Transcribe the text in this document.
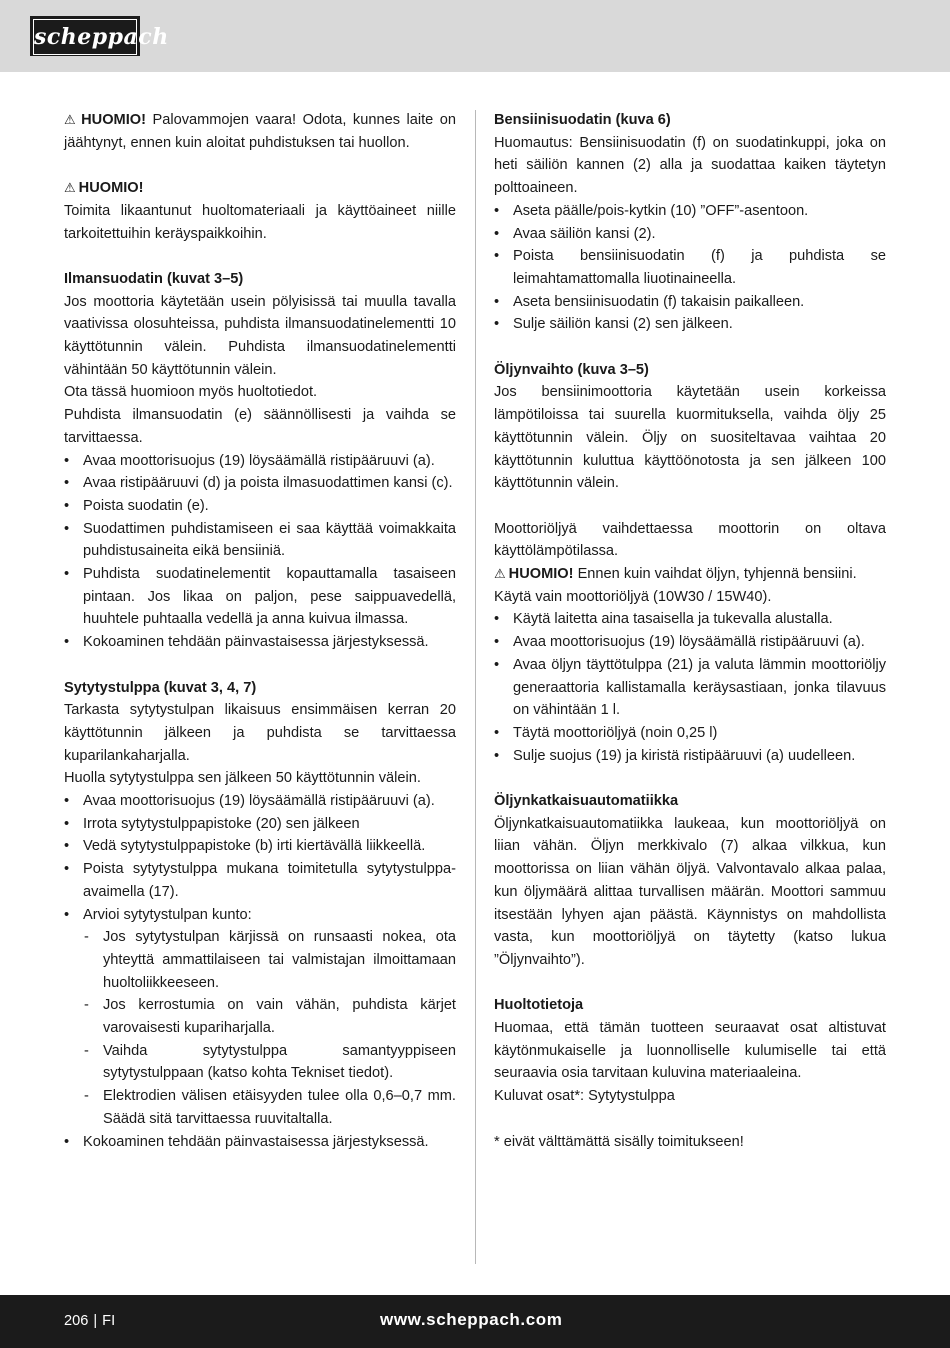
scheppach

⚠ HUOMIO! Palovammojen vaara! Odota, kunnes laite on jäähtynyt, ennen kuin aloitat puhdistuksen tai huollon.

⚠ HUOMIO!

Toimita likaantunut huoltomateriaali ja käyttöaineet niille tarkoitettuihin keräyspaikkoihin.

Ilmansuodatin (kuvat 3–5)

Jos moottoria käytetään usein pölyisissä tai muulla tavalla vaativissa olosuhteissa, puhdista ilmansuodatinelementti 10 käyttötunnin välein. Puhdista ilmansuodatinelementti vähintään 50 käyttötunnin välein.

Ota tässä huomioon myös huoltotiedot.

Puhdista ilmansuodatin (e) säännöllisesti ja vaihda se tarvittaessa.

• Avaa moottorisuojus (19) löysäämällä ristipääruuvi (a).
• Avaa ristipääruuvi (d) ja poista ilmasuodattimen kansi (c).
• Poista suodatin (e).
• Suodattimen puhdistamiseen ei saa käyttää voimakkaita puhdistusaineita eikä bensiiniä.
• Puhdista suodatinelementit kopauttamalla tasaiseen pintaan. Jos likaa on paljon, pese saippuavedellä, huuhtele puhtaalla vedellä ja anna kuivua ilmassa.
• Kokoaminen tehdään päinvastaisessa järjestyksessä.
Sytytystulppa (kuvat 3, 4, 7)

Tarkasta sytytystulpan likaisuus ensimmäisen kerran 20 käyttötunnin jälkeen ja puhdista se tarvittaessa kuparilankaharjalla.

Huolla sytytystulppa sen jälkeen 50 käyttötunnin välein.

• Avaa moottorisuojus (19) löysäämällä ristipääruuvi (a).
• Irrota sytytystulppapistoke (20) sen jälkeen
• Vedä sytytystulppapistoke (b) irti kiertävällä liikkeellä.
• Poista sytytystulppa mukana toimitetulla sytytystulppa-avaimella (17).
• Arvioi sytytystulpan kunto:
- Jos sytytystulpan kärjissä on runsaasti nokea, ota yhteyttä ammattilaiseen tai valmistajan ilmoittamaan huoltoliikkeeseen.
- Jos kerrostumia on vain vähän, puhdista kärjet varovaisesti kupariharjalla.
- Vaihda sytytystulppa samantyyppiseen sytytystulppaan (katso kohta Tekniset tiedot).
- Elektrodien välisen etäisyyden tulee olla 0,6–0,7 mm. Säädä sitä tarvittaessa ruuvitaltalla.
• Kokoaminen tehdään päinvastaisessa järjestyksessä.
Bensiinisuodatin (kuva 6)

Huomautus: Bensiinisuodatin (f) on suodatinkuppi, joka on heti säiliön kannen (2) alla ja suodattaa kaiken täytetyn polttoaineen.

• Aseta päälle/pois-kytkin (10) ”OFF”-asentoon.
• Avaa säiliön kansi (2).
• Poista bensiinisuodatin (f) ja puhdista se leimahtamattomalla liuotinaineella.
• Aseta bensiinisuodatin (f) takaisin paikalleen.
• Sulje säiliön kansi (2) sen jälkeen.
Öljynvaihto (kuva 3–5)

Jos bensiinimoottoria käytetään usein korkeissa lämpötiloissa tai suurella kuormituksella, vaihda öljy 25 käyttötunnin välein. Öljy on suositeltavaa vaihtaa 20 käyttötunnin kuluttua käyttöönotosta ja sen jälkeen 100 käyttötunnin välein.

Moottoriöljyä vaihdettaessa moottorin on oltava käyttölämpötilassa.

⚠ HUOMIO! Ennen kuin vaihdat öljyn, tyhjennä bensiini.

Käytä vain moottoriöljyä (10W30 / 15W40).

• Käytä laitetta aina tasaisella ja tukevalla alustalla.
• Avaa moottorisuojus (19) löysäämällä ristipääruuvi (a).
• Avaa öljyn täyttötulppa (21) ja valuta lämmin moottoriöljy generaattoria kallistamalla keräysastiaan, jonka tilavuus on vähintään 1 l.
• Täytä moottoriöljyä (noin 0,25 l)
• Sulje suojus (19) ja kiristä ristipääruuvi (a) uudelleen.
Öljynkatkaisuautomatiikka

Öljynkatkaisuautomatiikka laukeaa, kun moottoriöljyä on liian vähän. Öljyn merkkivalo (7) alkaa vilkkua, kun moottorissa on liian vähän öljyä. Valvontavalo alkaa palaa, kun öljymäärä alittaa turvallisen määrän. Moottori sammuu itsestään lyhyen ajan päästä. Käynnistys on mahdollista vasta, kun moottoriöljyä on täytetty (katso lukua ”Öljynvaihto”).

Huoltotietoja

Huomaa, että tämän tuotteen seuraavat osat altistuvat käytönmukaiselle ja luonnolliselle kulumiselle tai että seuraavia osia tarvitaan kuluvina materiaaleina.

Kuluvat osat*: Sytytystulppa

* eivät välttämättä sisälly toimitukseen!

206 | FI	www.scheppach.com
